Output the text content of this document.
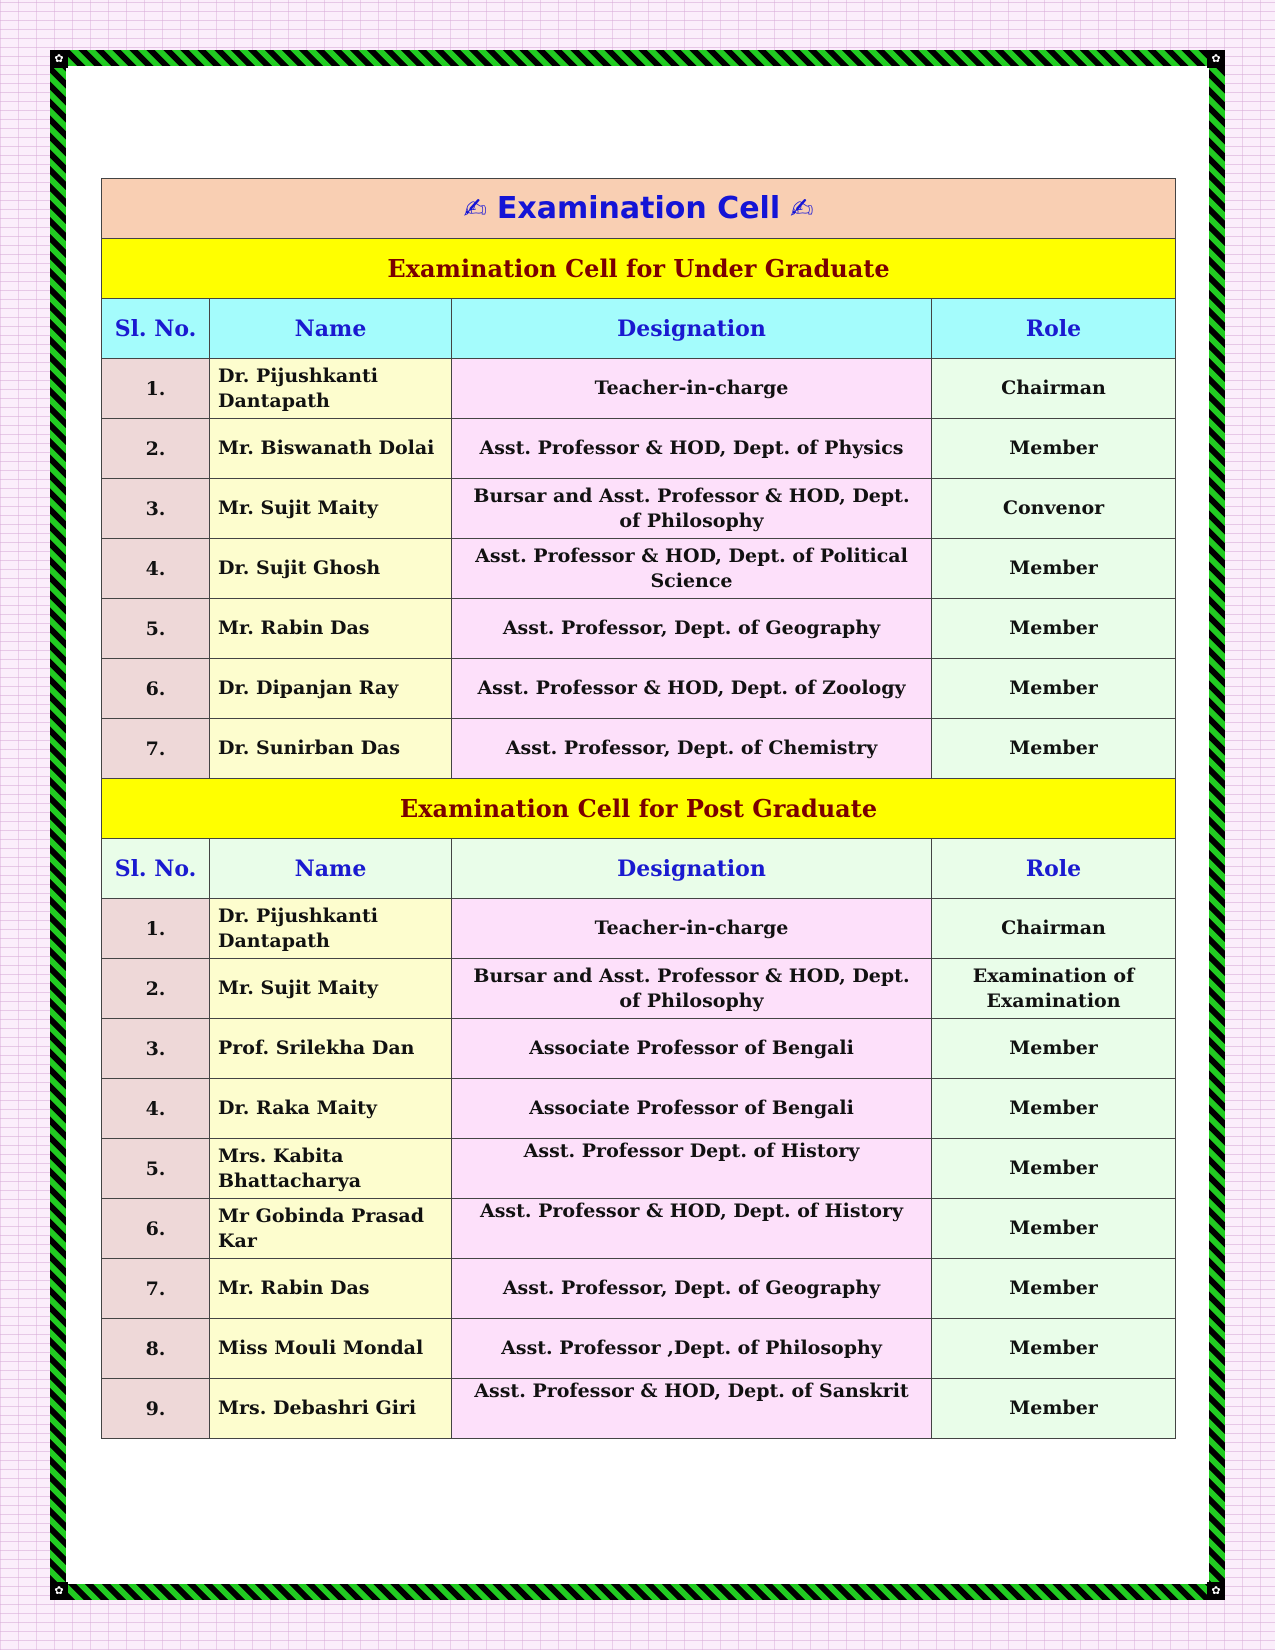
✿	✿
✿	✿
✍ Examination Cell ✍			
Examination Cell for Under Graduate			
Sl. No.	Name	Designation	Role
1.	Dr. Pijushkanti Dantapath	Teacher-in-charge	Chairman
2.	Mr. Biswanath Dolai	Asst. Professor & HOD, Dept. of Physics	Member
3.	Mr. Sujit Maity	Bursar and Asst. Professor & HOD, Dept. of Philosophy	Convenor
4.	Dr. Sujit Ghosh	Asst. Professor & HOD, Dept. of Political Science	Member
5.	Mr. Rabin Das	Asst. Professor, Dept. of Geography	Member
6.	Dr. Dipanjan Ray	Asst. Professor & HOD, Dept. of Zoology	Member
7.	Dr. Sunirban Das	Asst. Professor, Dept. of Chemistry	Member
Examination Cell for Post Graduate			
Sl. No.	Name	Designation	Role
1.	Dr. Pijushkanti Dantapath	Teacher-in-charge	Chairman
2.	Mr. Sujit Maity	Bursar and Asst. Professor & HOD, Dept. of Philosophy	Examination of Examination
3.	Prof. Srilekha Dan	Associate Professor of Bengali	Member
4.	Dr. Raka Maity	Associate Professor of Bengali	Member
5.	Mrs. Kabita Bhattacharya	Asst. Professor Dept. of History	Member
6.	Mr Gobinda Prasad Kar	Asst. Professor & HOD, Dept. of History	Member
7.	Mr. Rabin Das	Asst. Professor, Dept. of Geography	Member
8.	Miss Mouli Mondal	Asst. Professor ,Dept. of Philosophy	Member
9.	Mrs. Debashri Giri	Asst. Professor & HOD, Dept. of Sanskrit	Member
